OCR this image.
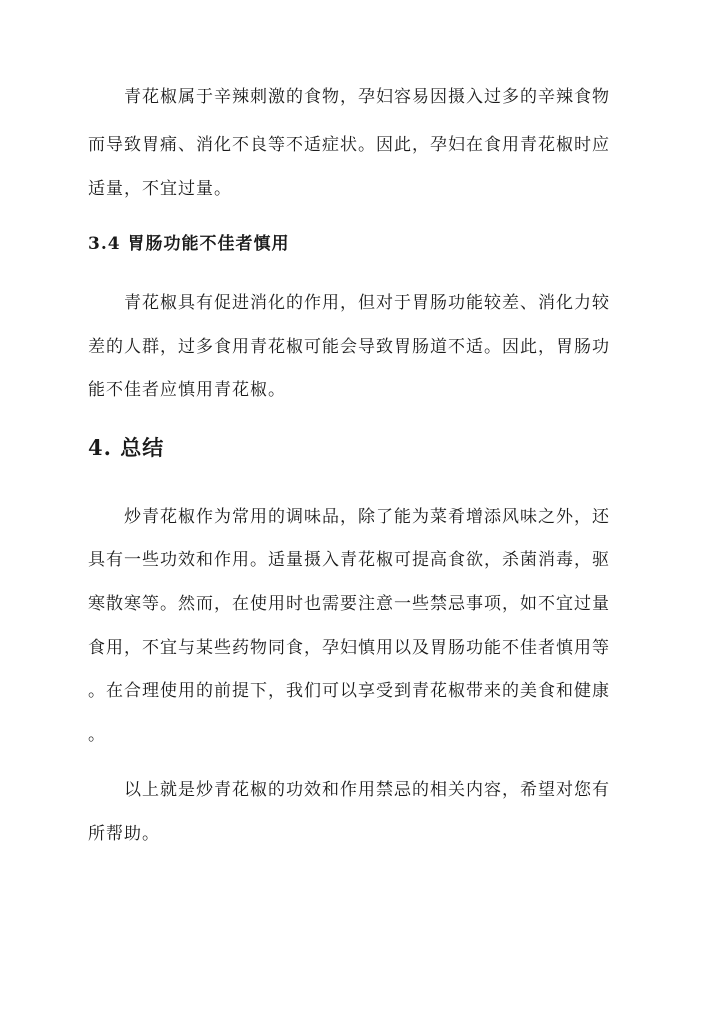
青花椒属于辛辣刺激的食物，孕妇容易因摄入过多的辛辣食物
而导致胃痛、消化不良等不适症状。因此，孕妇在食用青花椒时应
适量，不宜过量。
3.4 胃肠功能不佳者慎用
青花椒具有促进消化的作用，但对于胃肠功能较差、消化力较
差的人群，过多食用青花椒可能会导致胃肠道不适。因此，胃肠功
能不佳者应慎用青花椒。
4. 总结
炒青花椒作为常用的调味品，除了能为菜肴增添风味之外，还
具有一些功效和作用。适量摄入青花椒可提高食欲，杀菌消毒，驱
寒散寒等。然而，在使用时也需要注意一些禁忌事项，如不宜过量
食用，不宜与某些药物同食，孕妇慎用以及胃肠功能不佳者慎用等
。在合理使用的前提下，我们可以享受到青花椒带来的美食和健康
。
以上就是炒青花椒的功效和作用禁忌的相关内容，希望对您有
所帮助。
